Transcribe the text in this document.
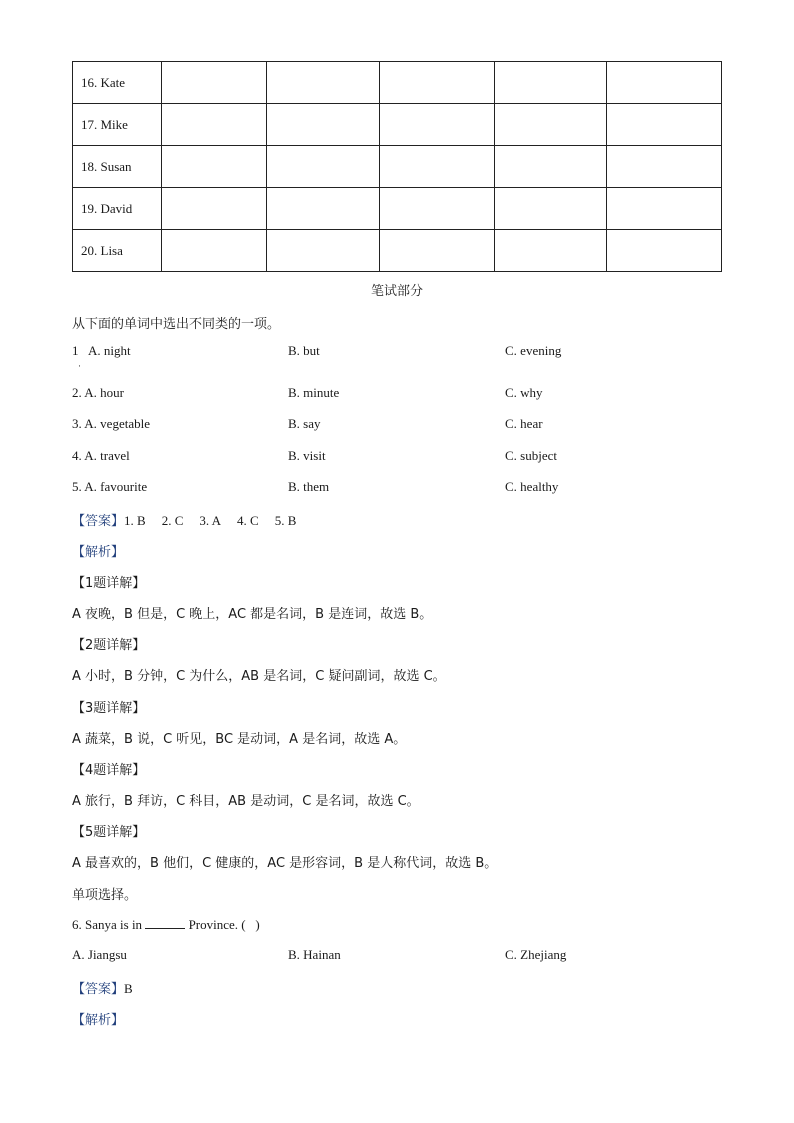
16. Kate					
17. Mike					
18. Susan					
19. David					
20. Lisa					
笔试部分
从下面的单词中选出不同类的一项。
1
·
A. night	B. but	C. evening
2. A. hour	B. minute	C. why
3. A. vegetable	B. say	C. hear
4. A. travel	B. visit	C. subject
5. A. favourite	B. them	C. healthy
【答案】1. B 2. C 3. A 4. C 5. B
【解析】
【1题详解】
A 夜晚，B 但是，C 晚上，AC 都是名词，B 是连词，故选 B。
【2题详解】
A 小时，B 分钟，C 为什么，AB 是名词，C 疑问副词，故选 C。
【3题详解】
A 蔬菜，B 说，C 听见，BC 是动词，A 是名词，故选 A。
【4题详解】
A 旅行，B 拜访，C 科目，AB 是动词，C 是名词，故选 C。
【5题详解】
A 最喜欢的，B 他们，C 健康的，AC 是形容词，B 是人称代词，故选 B。
单项选择。
6. Sanya is in	Province. ( )
A. Jiangsu	B. Hainan	C. Zhejiang
【答案】B
【解析】
